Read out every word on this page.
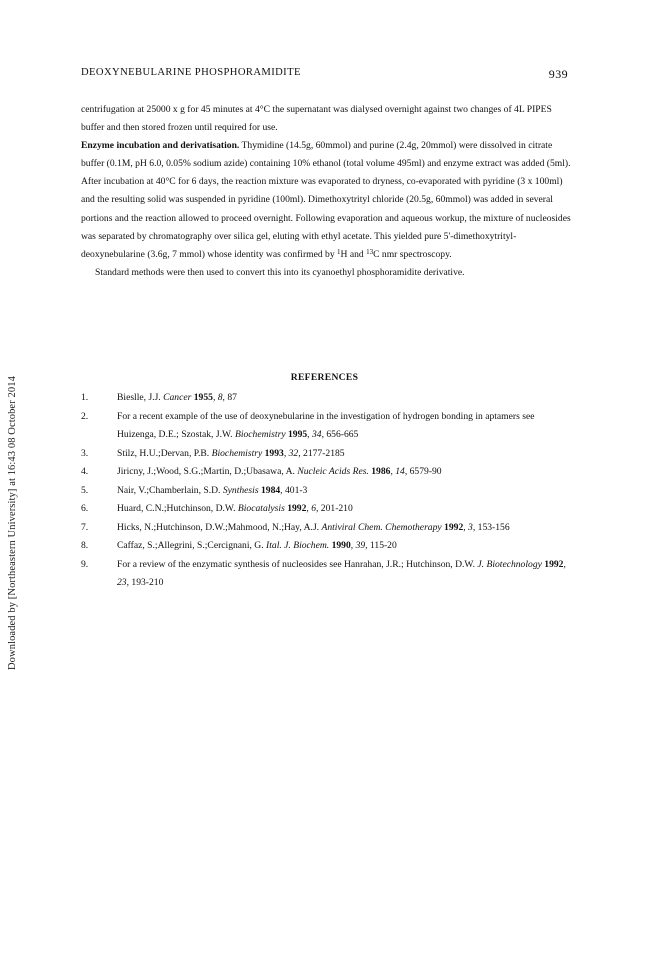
Downloaded by [Northeastern University] at 16:43 08 October 2014
DEOXYNEBULARINE PHOSPHORAMIDITE	939

centrifugation at 25000 x g for 45 minutes at 4°C the supernatant was dialysed overnight against two changes of 4L PIPES buffer and then stored frozen until required for use.

Enzyme incubation and derivatisation. Thymidine (14.5g, 60mmol) and purine (2.4g, 20mmol) were dissolved in citrate buffer (0.1M, pH 6.0, 0.05% sodium azide) containing 10% ethanol (total volume 495ml) and enzyme extract was added (5ml). After incubation at 40°C for 6 days, the reaction mixture was evaporated to dryness, co-evaporated with pyridine (3 x 100ml) and the resulting solid was suspended in pyridine (100ml). Dimethoxytrityl chloride (20.5g, 60mmol) was added in several portions and the reaction allowed to proceed overnight. Following evaporation and aqueous workup, the mixture of nucleosides was separated by chromatography over silica gel, eluting with ethyl acetate. This yielded pure 5'-dimethoxytrityl-deoxynebularine (3.6g, 7 mmol) whose identity was confirmed by $^1$H and $^{13}$C nmr spectroscopy.

Standard methods were then used to convert this into its cyanoethyl phosphoramidite derivative.

REFERENCES
1.	Bieslle, J.J. Cancer 1955, 8, 87
2.	For a recent example of the use of deoxynebularine in the investigation of hydrogen bonding in aptamers see Huizenga, D.E.; Szostak, J.W. Biochemistry 1995, 34, 656-665
3.	Stilz, H.U.;Dervan, P.B. Biochemistry 1993, 32, 2177-2185
4.	Jiricny, J.;Wood, S.G.;Martin, D.;Ubasawa, A. Nucleic Acids Res. 1986, 14, 6579-90
5.	Nair, V.;Chamberlain, S.D. Synthesis 1984, 401-3
6.	Huard, C.N.;Hutchinson, D.W. Biocatalysis 1992, 6, 201-210
7.	Hicks, N.;Hutchinson, D.W.;Mahmood, N.;Hay, A.J. Antiviral Chem. Chemotherapy 1992, 3, 153-156
8.	Caffaz, S.;Allegrini, S.;Cercignani, G. Ital. J. Biochem. 1990, 39, 115-20
9.	For a review of the enzymatic synthesis of nucleosides see Hanrahan, J.R.; Hutchinson, D.W. J. Biotechnology 1992, 23, 193-210
